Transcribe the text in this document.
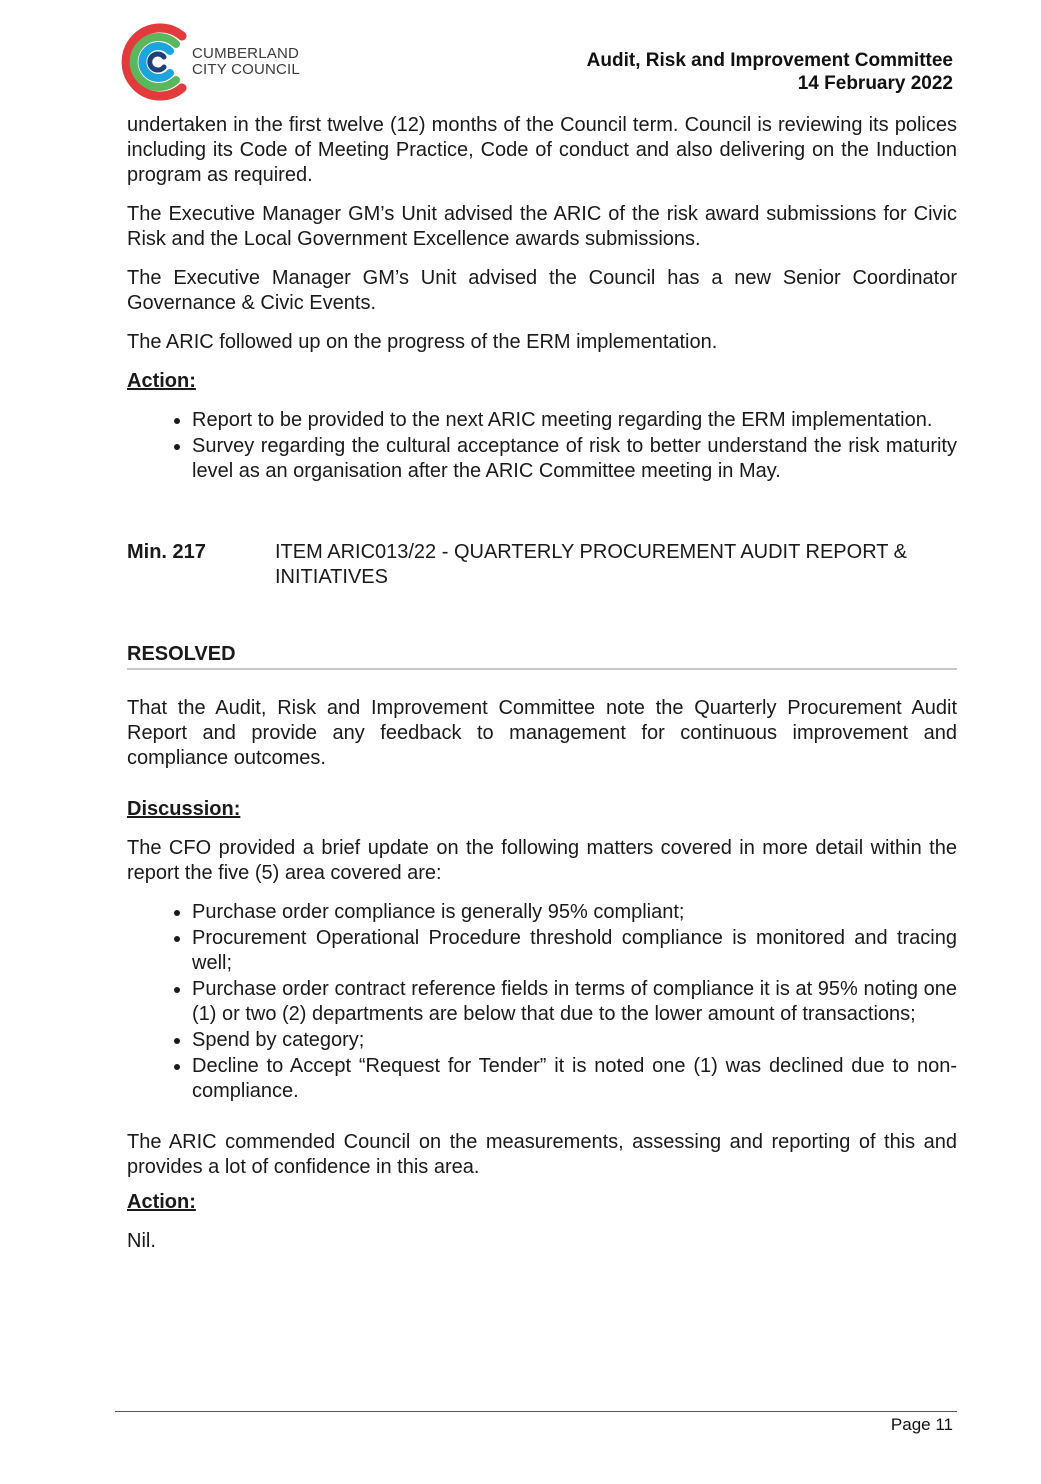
CUMBERLAND
CITY COUNCIL	Audit, Risk and Improvement Committee
14 February 2022

undertaken in the first twelve (12) months of the Council term. Council is reviewing its polices including its Code of Meeting Practice, Code of conduct and also delivering on the Induction program as required.

The Executive Manager GM’s Unit advised the ARIC of the risk award submissions for Civic Risk and the Local Government Excellence awards submissions.

The Executive Manager GM’s Unit advised the Council has a new Senior Coordinator Governance & Civic Events.

The ARIC followed up on the progress of the ERM implementation.

Action:
• Report to be provided to the next ARIC meeting regarding the ERM implementation.
• Survey regarding the cultural acceptance of risk to better understand the risk maturity level as an organisation after the ARIC Committee meeting in May.
Min. 217	ITEM ARIC013/22 - QUARTERLY PROCUREMENT AUDIT REPORT & INITIATIVES
RESOLVED

That the Audit, Risk and Improvement Committee note the Quarterly Procurement Audit Report and provide any feedback to management for continuous improvement and compliance outcomes.

Discussion:

The CFO provided a brief update on the following matters covered in more detail within the report the five (5) area covered are:

• Purchase order compliance is generally 95% compliant;
• Procurement Operational Procedure threshold compliance is monitored and tracing well;
• Purchase order contract reference fields in terms of compliance it is at 95% noting one (1) or two (2) departments are below that due to the lower amount of transactions;
• Spend by category;
• Decline to Accept “Request for Tender” it is noted one (1) was declined due to non-compliance.

The ARIC commended Council on the measurements, assessing and reporting of this and provides a lot of confidence in this area.

Action:

Nil.

Page 11
